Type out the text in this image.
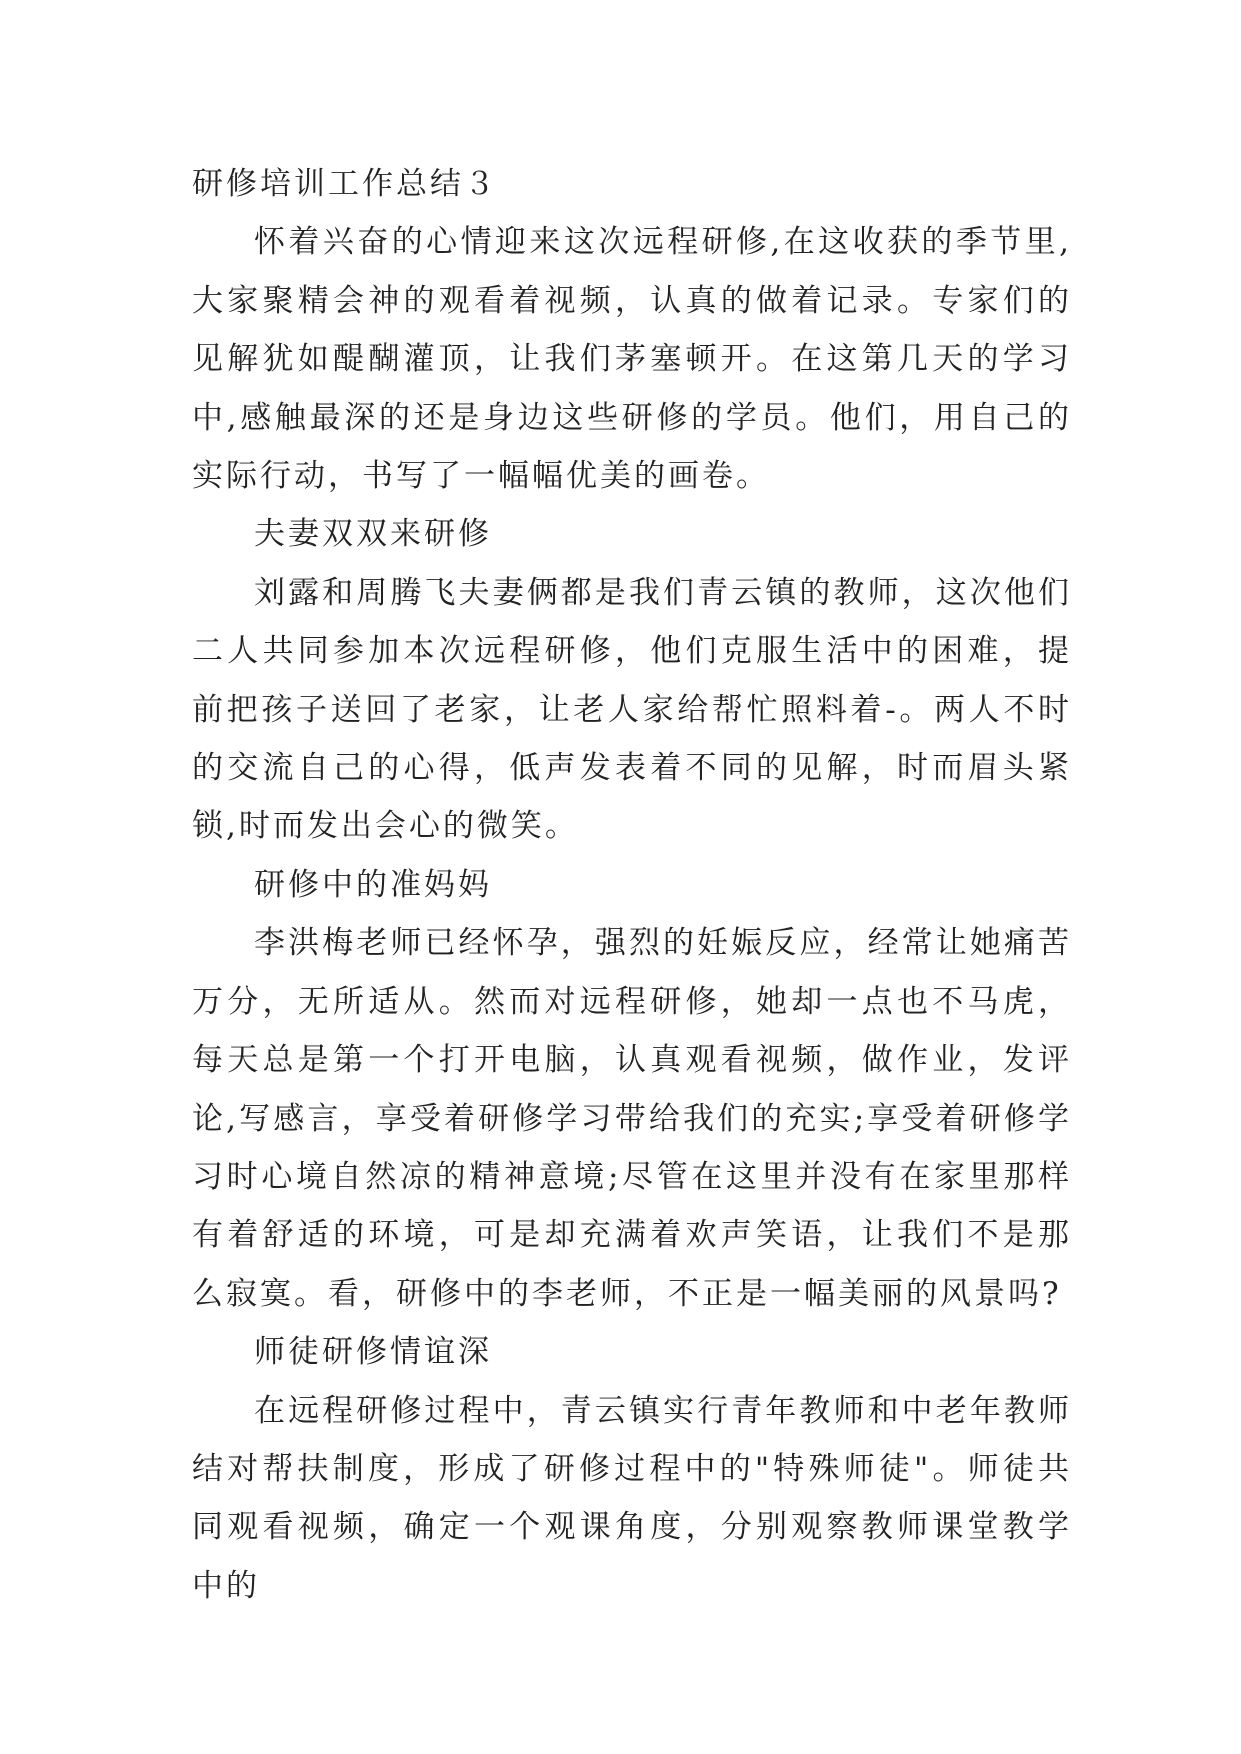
研修培训工作总结３

怀着兴奋的心情迎来这次远程研修,在这收获的季节里,大家聚精会神的观看着视频，认真的做着记录。专家们的见解犹如醍醐灌顶，让我们茅塞顿开。在这第几天的学习中,感触最深的还是身边这些研修的学员。他们，用自己的实际行动，书写了一幅幅优美的画卷。

夫妻双双来研修

刘露和周腾飞夫妻俩都是我们青云镇的教师，这次他们二人共同参加本次远程研修，他们克服生活中的困难，提前把孩子送回了老家，让老人家给帮忙照料着-。两人不时的交流自己的心得，低声发表着不同的见解，时而眉头紧锁,时而发出会心的微笑。

研修中的准妈妈

李洪梅老师已经怀孕，强烈的妊娠反应，经常让她痛苦万分，无所适从。然而对远程研修，她却一点也不马虎，每天总是第一个打开电脑，认真观看视频，做作业，发评论,写感言，享受着研修学习带给我们的充实;享受着研修学习时心境自然凉的精神意境;尽管在这里并没有在家里那样有着舒适的环境，可是却充满着欢声笑语，让我们不是那么寂寞。看，研修中的李老师，不正是一幅美丽的风景吗?

师徒研修情谊深

在远程研修过程中，青云镇实行青年教师和中老年教师结对帮扶制度，形成了研修过程中的"特殊师徒"。师徒共同观看视频，确定一个观课角度，分别观察教师课堂教学中的
